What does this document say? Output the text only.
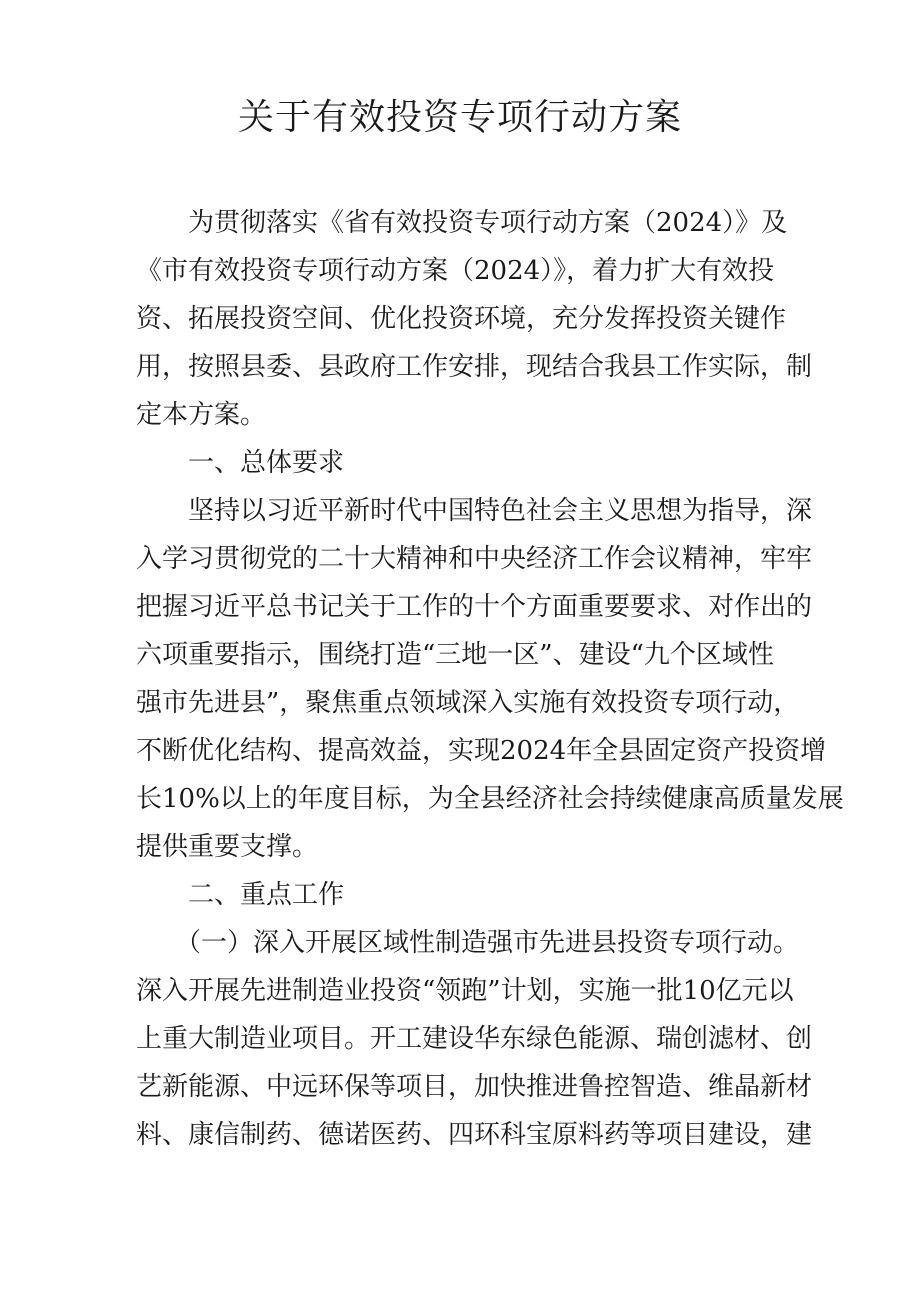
关于有效投资专项行动方案

　　为贯彻落实《省有效投资专项行动方案（2024）》及

《市有效投资专项行动方案（2024）》，着力扩大有效投

资、拓展投资空间、优化投资环境，充分发挥投资关键作

用，按照县委、县政府工作安排，现结合我县工作实际，制

定本方案。

　　一、总体要求

　　坚持以习近平新时代中国特色社会主义思想为指导，深

入学习贯彻党的二十大精神和中央经济工作会议精神，牢牢

把握习近平总书记关于工作的十个方面重要要求、对作出的

六项重要指示，围绕打造“三地一区”、建设“九个区域性

强市先进县”，聚焦重点领域深入实施有效投资专项行动，

不断优化结构、提高效益，实现2024年全县固定资产投资增

长10%以上的年度目标，为全县经济社会持续健康高质量发展

提供重要支撑。

　　二、重点工作

　　（一）深入开展区域性制造强市先进县投资专项行动。

深入开展先进制造业投资“领跑”计划，实施一批10亿元以

上重大制造业项目。开工建设华东绿色能源、瑞创滤材、创

艺新能源、中远环保等项目，加快推进鲁控智造、维晶新材

料、康信制药、德诺医药、四环科宝原料药等项目建设，建
